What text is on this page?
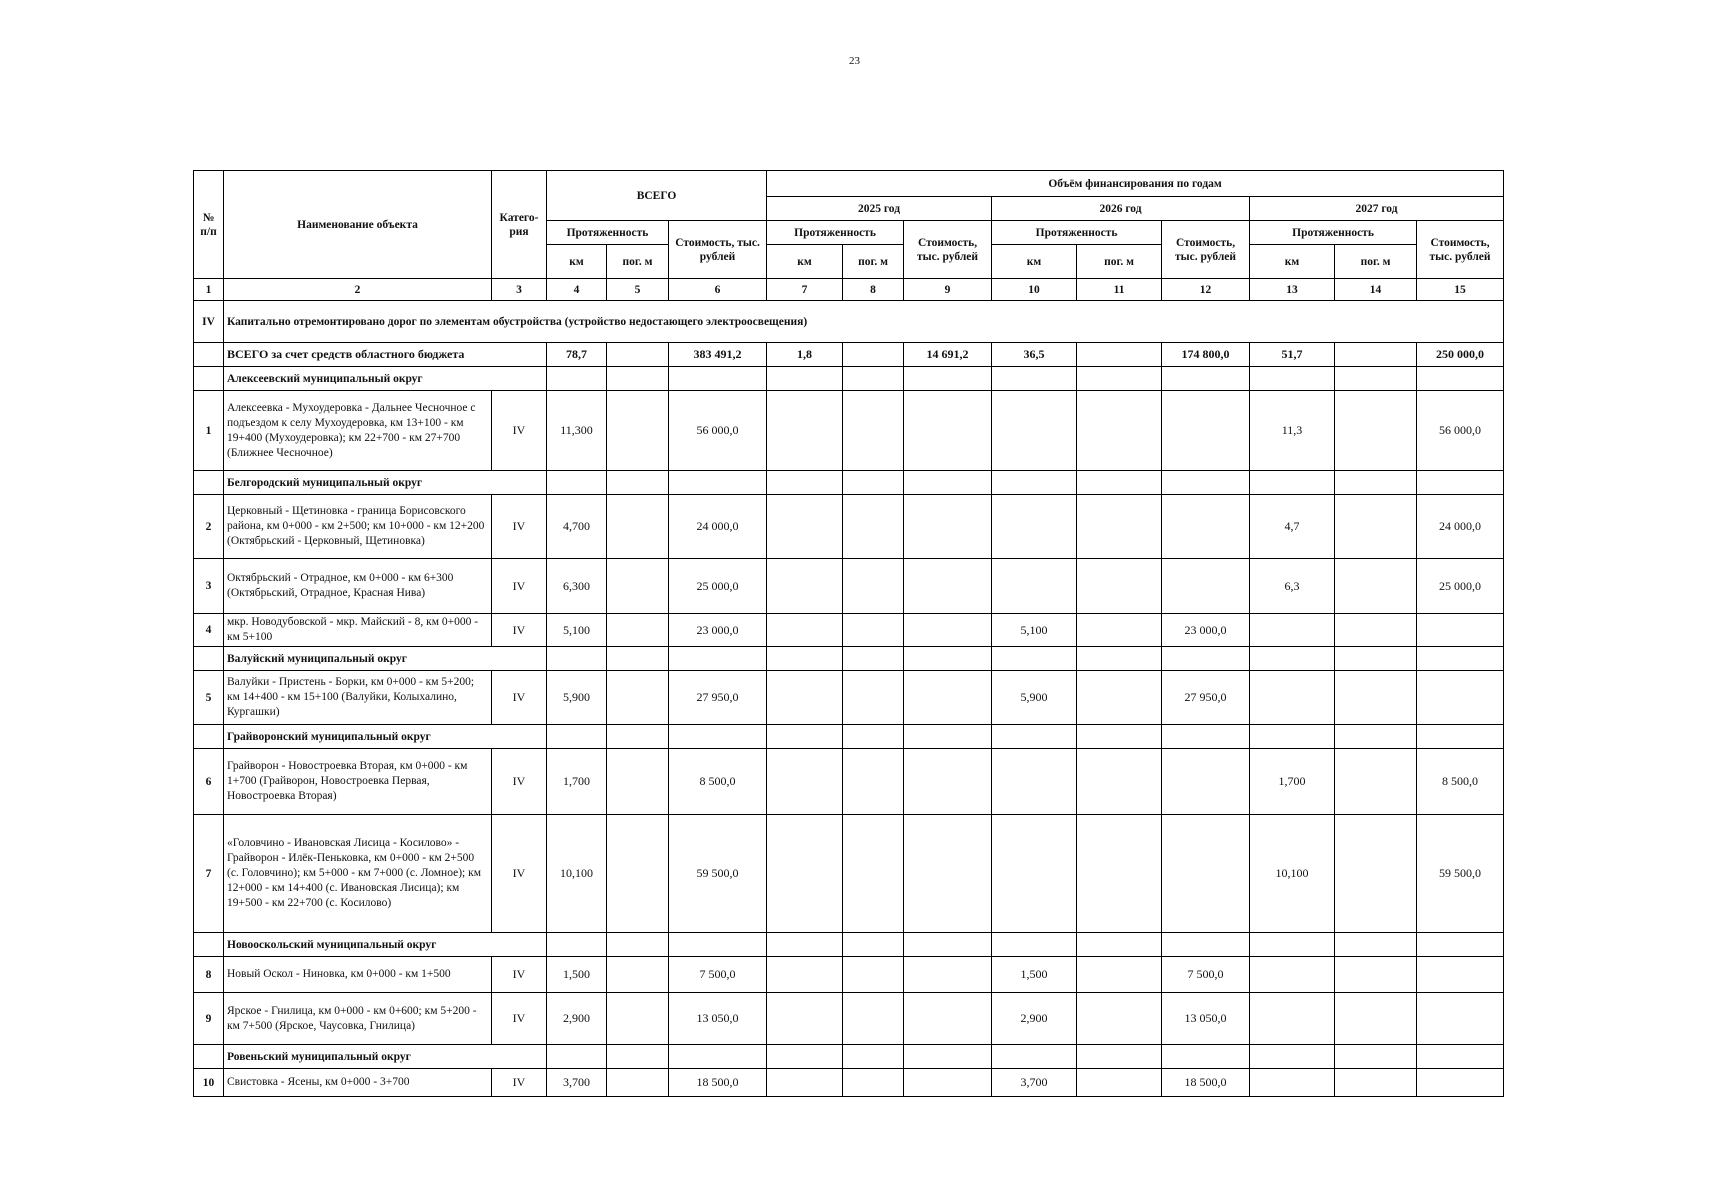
23
№ п/п	Наименование объекта	Катего-рия	ВСЕГО			Объём финансирования по годам								
						2025 год			2026 год			2027 год		
			Протяженность		Стоимость, тыс. рублей	Протяженность		Стоимость, тыс. рублей	Протяженность		Стоимость, тыс. рублей	Протяженность		Стоимость, тыс. рублей
			км	пог. м		км	пог. м		км	пог. м		км	пог. м	
1	2	3	4	5	6	7	8	9	10	11	12	13	14	15
IV	Капитально отремонтировано дорог по элементам обустройства (устройство недостающего электроосвещения)													
	ВСЕГО за счет средств областного бюджета		78,7		383 491,2	1,8		14 691,2	36,5		174 800,0	51,7		250 000,0
	Алексеевский муниципальный округ													
1	Алексеевка - Мухоудеровка - Дальнее Чесночное с подъездом к селу Мухоудеровка, км 13+100 - км 19+400 (Мухоудеровка); км 22+700 - км 27+700 (Ближнее Чесночное)	IV	11,300		56 000,0							11,3		56 000,0
	Белгородский муниципальный округ													
2	Церковный - Щетиновка - граница Борисовского района, км 0+000 - км 2+500; км 10+000 - км 12+200 (Октябрьский - Церковный, Щетиновка)	IV	4,700		24 000,0							4,7		24 000,0
3	Октябрьский - Отрадное, км 0+000 - км 6+300 (Октябрьский, Отрадное, Красная Нива)	IV	6,300		25 000,0							6,3		25 000,0
4	мкр. Новодубовской - мкр. Майский - 8, км 0+000 - км 5+100	IV	5,100		23 000,0				5,100		23 000,0			
	Валуйский муниципальный округ													
5	Валуйки - Пристень - Борки, км 0+000 - км 5+200; км 14+400 - км 15+100 (Валуйки, Колыхалино, Кургашки)	IV	5,900		27 950,0				5,900		27 950,0			
	Грайворонский муниципальный округ													
6	Грайворон - Новостроевка Вторая, км 0+000 - км 1+700 (Грайворон, Новостроевка Первая, Новостроевка Вторая)	IV	1,700		8 500,0							1,700		8 500,0
7	«Головчино - Ивановская Лисица - Косилово» - Грайворон - Илёк-Пеньковка, км 0+000 - км 2+500 (с. Головчино); км 5+000 - км 7+000 (с. Ломное); км 12+000 - км 14+400 (с. Ивановская Лисица); км 19+500 - км 22+700 (с. Косилово)	IV	10,100		59 500,0							10,100		59 500,0
	Новооскольский муниципальный округ													
8	Новый Оскол - Ниновка, км 0+000 - км 1+500	IV	1,500		7 500,0				1,500		7 500,0			
9	Ярское - Гнилица, км 0+000 - км 0+600; км 5+200 - км 7+500 (Ярское, Чаусовка, Гнилица)	IV	2,900		13 050,0				2,900		13 050,0			
	Ровеньский муниципальный округ													
10	Свистовка - Ясены, км 0+000 - 3+700	IV	3,700		18 500,0				3,700		18 500,0			
